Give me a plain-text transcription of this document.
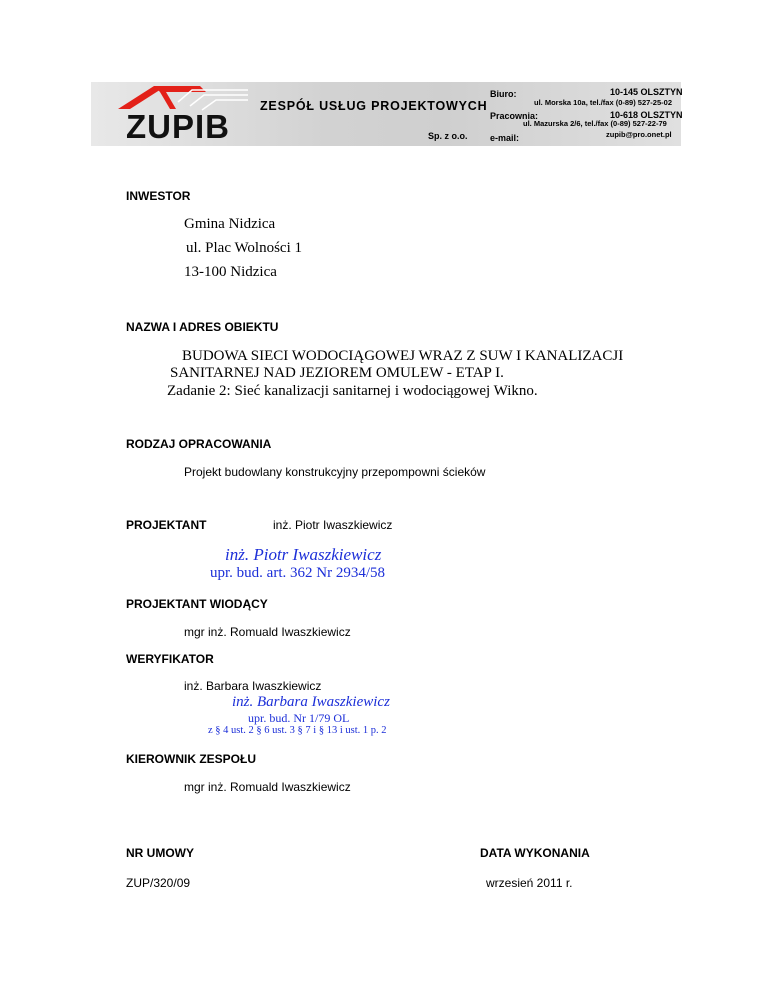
ZUPIB
ZESPÓŁ USŁUG PROJEKTOWYCH
Sp. z o.o.
Biuro:	10-145 OLSZTYN
ul. Morska 10a, tel./fax (0-89) 527-25-02
Pracownia:	10-618 OLSZTYN
ul. Mazurska 2/6, tel./fax (0-89) 527-22-79
e-mail:	zupib@pro.onet.pl
INWESTOR
Gmina Nidzica
ul. Plac Wolności 1
13-100 Nidzica
NAZWA I ADRES OBIEKTU
BUDOWA SIECI WODOCIĄGOWEJ WRAZ Z SUW I KANALIZACJI
SANITARNEJ NAD JEZIOREM OMULEW - ETAP I.
Zadanie 2: Sieć kanalizacji sanitarnej i wodociągowej Wikno.
RODZAJ OPRACOWANIA
Projekt budowlany konstrukcyjny przepompowni ścieków
PROJEKTANT	inż. Piotr Iwaszkiewicz
inż. Piotr Iwaszkiewicz
upr. bud. art. 362 Nr 2934/58
PROJEKTANT WIODĄCY
mgr inż. Romuald Iwaszkiewicz
WERYFIKATOR
inż. Barbara Iwaszkiewicz
inż. Barbara Iwaszkiewicz
upr. bud. Nr 1/79 OL
z § 4 ust. 2 § 6 ust. 3 § 7 i § 13 i ust. 1 p. 2
KIEROWNIK ZESPOŁU
mgr inż. Romuald Iwaszkiewicz
NR UMOWY	DATA WYKONANIA
ZUP/320/09	wrzesień 2011 r.
